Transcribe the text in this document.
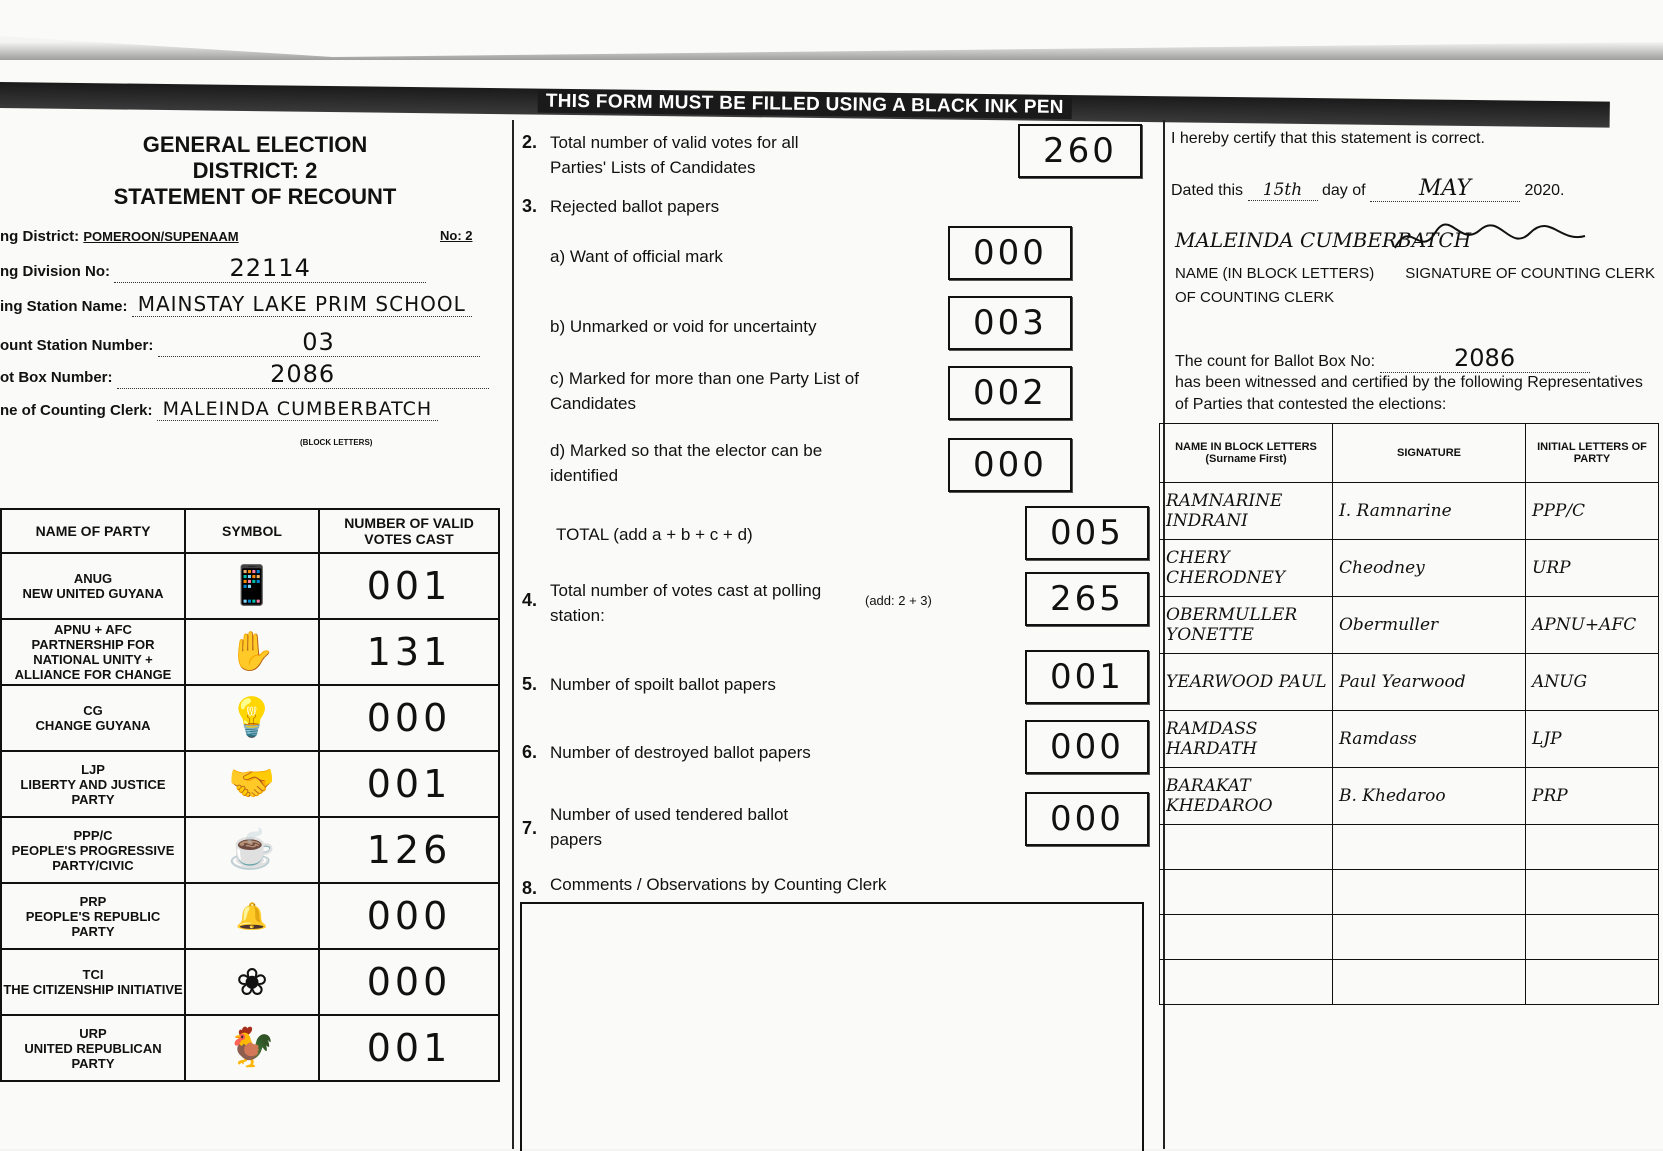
THIS FORM MUST BE FILLED USING A BLACK INK PEN
GENERAL ELECTION
DISTRICT: 2
STATEMENT OF RECOUNT
ng District: POMEROON/SUPENAAM	No: 2
ng Division No:	22114
ing Station Name: MAINSTAY LAKE PRIM SCHOOL
ount Station Number:	03
ot Box Number:	2086
ne of Counting Clerk: MALEINDA CUMBERBATCH
(BLOCK LETTERS)
NAME OF PARTY	SYMBOL	NUMBER OF VALID VOTES CAST

ANUG
NEW UNITED GUYANA	📱	001

APNU + AFC
PARTNERSHIP FOR NATIONAL UNITY + ALLIANCE FOR CHANGE	✋	131

CG
CHANGE GUYANA	💡	000

LJP
LIBERTY AND JUSTICE PARTY	🤝	001

PPP/C
PEOPLE'S PROGRESSIVE PARTY/CIVIC	☕	126

PRP
PEOPLE'S REPUBLIC PARTY	🔔	000

TCI
THE CITIZENSHIP INITIATIVE	❀	000

URP
UNITED REPUBLICAN PARTY	🐓	001
2. Total number of valid votes for all Parties' Lists of Candidates	260
3. Rejected ballot papers
a) Want of official mark	000
b) Unmarked or void for uncertainty	003
c) Marked for more than one Party List of Candidates	002
d) Marked so that the elector can be identified	000
TOTAL (add a + b + c + d)	005
4. Total number of votes cast at polling station:
(add: 2 + 3)	265
5. Number of spoilt ballot papers	001
6. Number of destroyed ballot papers	000
7.
Number of used tendered ballot papers
000
8. Comments / Observations by Counting Clerk
I hereby certify that this statement is correct.
Dated this 15th day of MAY	2020.
MALEINDA CUMBERBATCH
NAME (IN BLOCK LETTERS) OF COUNTING CLERK
SIGNATURE OF COUNTING CLERK
The count for Ballot Box No:	2086
has been witnessed and certified by the following Representatives of Parties that contested the elections:
NAME IN BLOCK LETTERS (Surname First)	SIGNATURE	INITIAL LETTERS OF PARTY
RAMNARINE INDRANI	I. Ramnarine	PPP/C
CHERY CHERODNEY	Cheodney	URP
OBERMULLER YONETTE	Obermuller	APNU+AFC
YEARWOOD PAUL	Paul Yearwood	ANUG
RAMDASS HARDATH	Ramdass	LJP
BARAKAT KHEDAROO	B. Khedaroo	PRP
